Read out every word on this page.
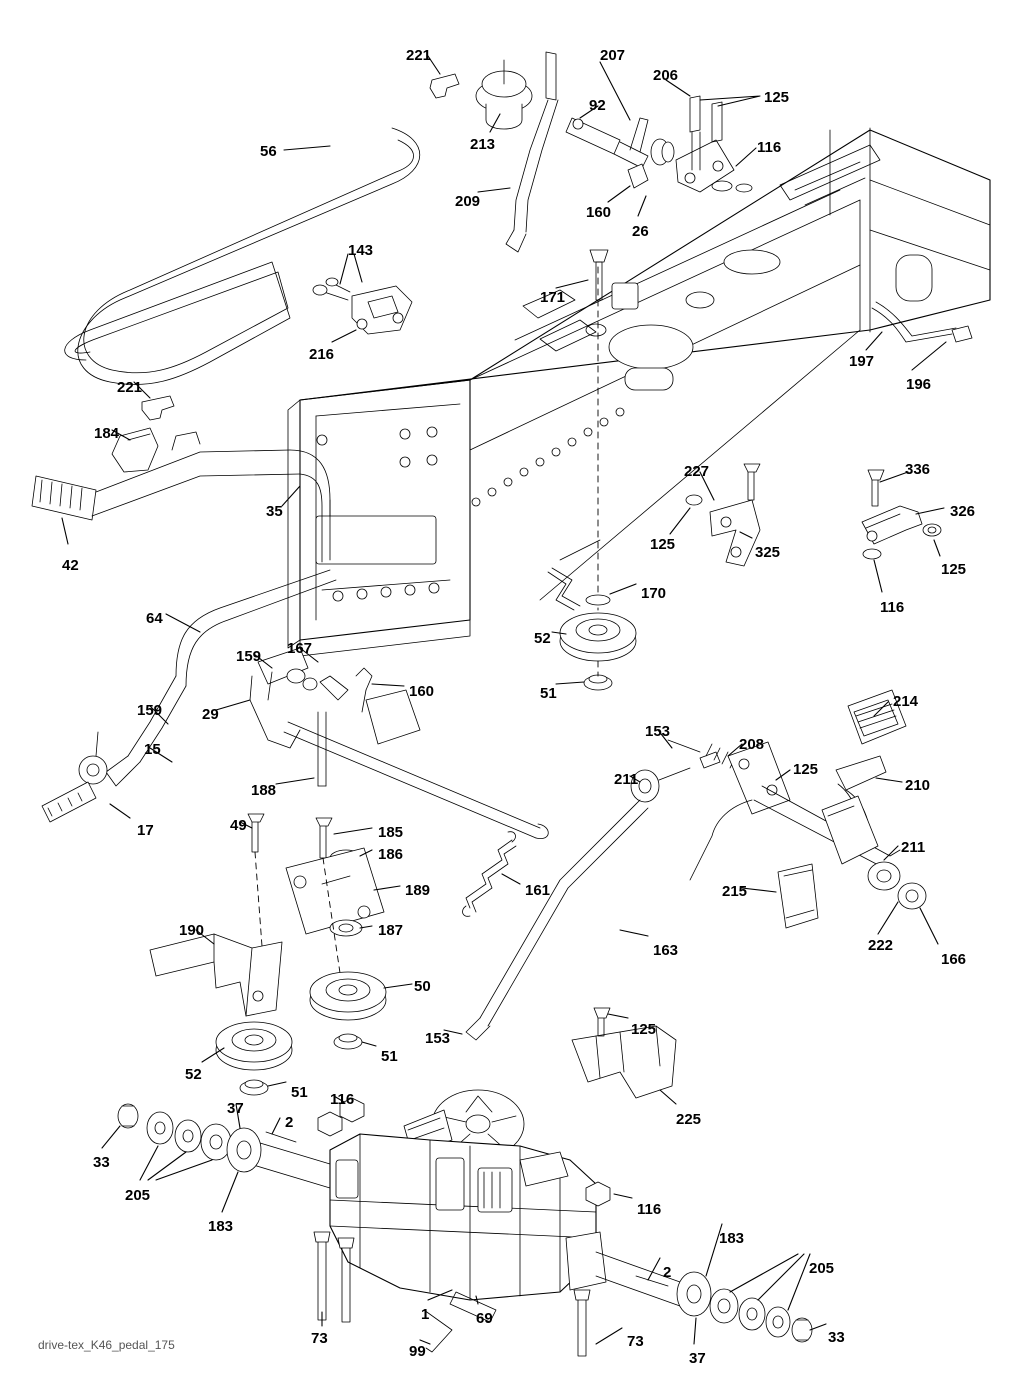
221	207
206
125
92
213	116
56
209
160
26
143
171
216	197
196
221
184
227	336
35	326
125	325
42
116
125
170
64
52
159 167
51
160
214
159	29
153
208
15
211
125
210
188
17	49	185
186	211
161
189	215
187
190
222
166
163
50
153
125
51
52
51 116
37
225
2
33
116
205
183
2
183
205
1
73
99
69
73
37
33
drive-tex_K46_pedal_175
